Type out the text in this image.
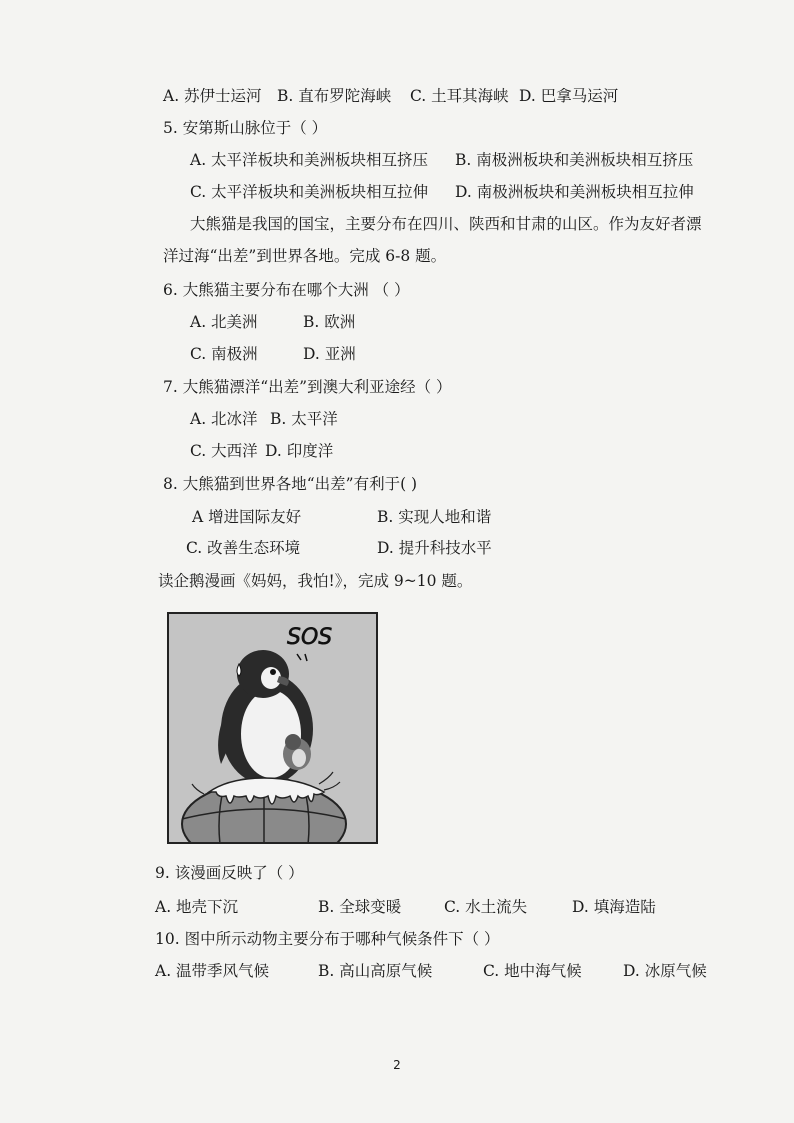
A. 苏伊士运河 B. 直布罗陀海峡 C. 土耳其海峡 D. 巴拿马运河
5. 安第斯山脉位于（ ）
A. 太平洋板块和美洲板块相互挤压 B. 南极洲板块和美洲板块相互挤压
C. 太平洋板块和美洲板块相互拉伸 D. 南极洲板块和美洲板块相互拉伸
大熊猫是我国的国宝，主要分布在四川、陕西和甘肃的山区。作为友好者漂
洋过海“出差”到世界各地。完成 6-8 题。
6. 大熊猫主要分布在哪个大洲 （ ）
A. 北美洲	B. 欧洲
C. 南极洲	D. 亚洲
7. 大熊猫漂洋“出差”到澳大利亚途经（ ）
A. 北冰洋 B. 太平洋
C. 大西洋 D. 印度洋
8. 大熊猫到世界各地“出差”有利于( )
A 增进国际友好	B. 实现人地和谐
C. 改善生态环境	D. 提升科技水平
读企鹅漫画《妈妈，我怕!》，完成 9~10 题。
SOS
9. 该漫画反映了（ ）
A. 地壳下沉	B. 全球变暖	C. 水土流失	D. 填海造陆
10. 图中所示动物主要分布于哪种气候条件下（ ）
A. 温带季风气候	B. 高山高原气候	C. 地中海气候	D. 冰原气候
2
